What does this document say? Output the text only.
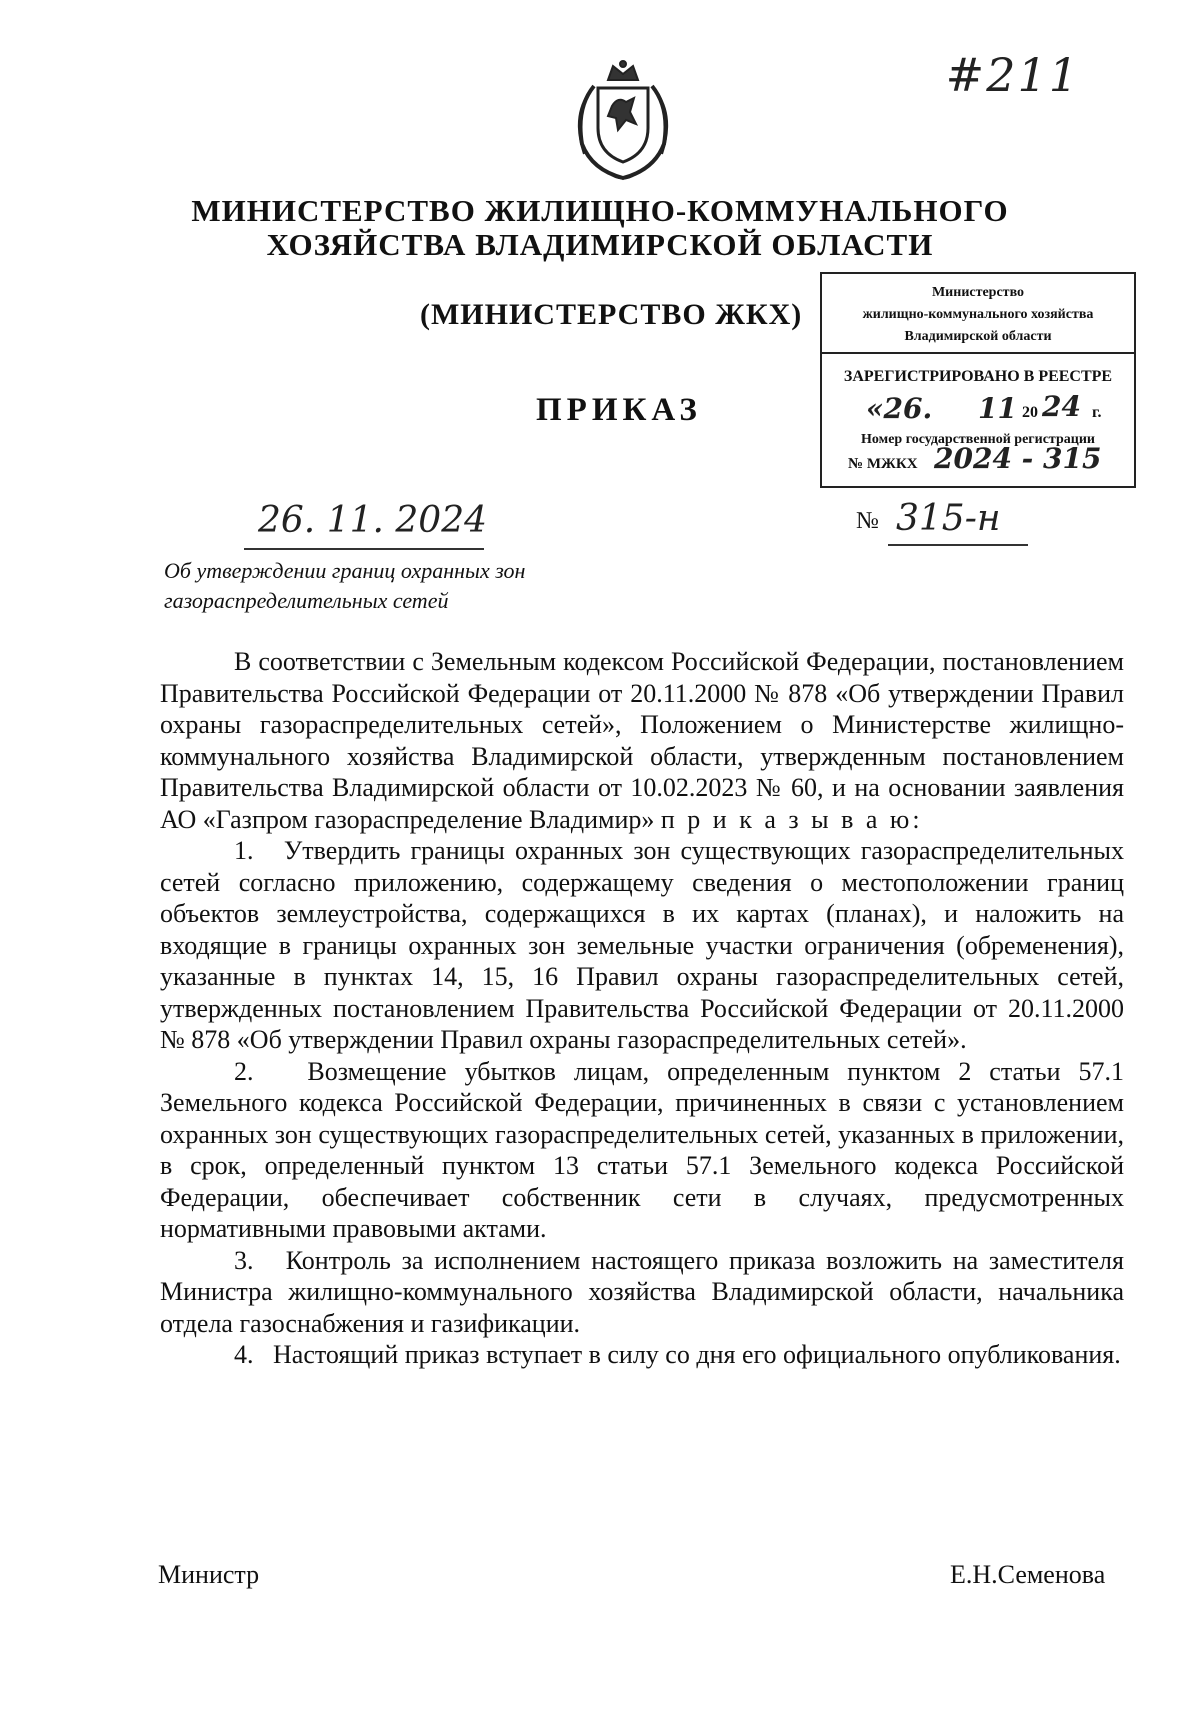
#211
МИНИСТЕРСТВО ЖИЛИЩНО-КОММУНАЛЬНОГО
ХОЗЯЙСТВА ВЛАДИМИРСКОЙ ОБЛАСТИ
(МИНИСТЕРСТВО ЖКХ)
Министерство
жилищно-коммунального хозяйства
Владимирской области
ЗАРЕГИСТРИРОВАНО В РЕЕСТРЕ
«26. 11 20 24 г.
Номер государственной регистрации
№ МЖКХ 2024 - 315
ПРИКАЗ
26. 11. 2024	№ 315-н
Об утверждении границ охранных зон газораспределительных сетей

В соответствии с Земельным кодексом Российской Федерации, постановлением Правительства Российской Федерации от 20.11.2000 № 878 «Об утверждении Правил охраны газораспределительных сетей», Положением о Министерстве жилищно-коммунального хозяйства Владимирской области, утвержденным постановлением Правительства Владимирской области от 10.02.2023 № 60, и на основании заявления АО «Газпром газораспределение Владимир» п р и к а з ы в а ю:

1.   Утвердить границы охранных зон существующих газораспределительных сетей согласно приложению, содержащему сведения о местоположении границ объектов землеустройства, содержащихся в их картах (планах), и наложить на входящие в границы охранных зон земельные участки ограничения (обременения), указанные в пунктах 14, 15, 16 Правил охраны газораспределительных сетей, утвержденных постановлением Правительства Российской Федерации от 20.11.2000 № 878 «Об утверждении Правил охраны газораспределительных сетей».

2.   Возмещение убытков лицам, определенным пунктом 2 статьи 57.1 Земельного кодекса Российской Федерации, причиненных в связи с установлением охранных зон существующих газораспределительных сетей, указанных в приложении, в срок, определенный пунктом 13 статьи 57.1 Земельного кодекса Российской Федерации, обеспечивает собственник сети в случаях, предусмотренных нормативными правовыми актами.

3.   Контроль за исполнением настоящего приказа возложить на заместителя Министра жилищно-коммунального хозяйства Владимирской области, начальника отдела газоснабжения и газификации.

4.   Настоящий приказ вступает в силу со дня его официального опубликования.

Министр	Е.Н.Семенова
